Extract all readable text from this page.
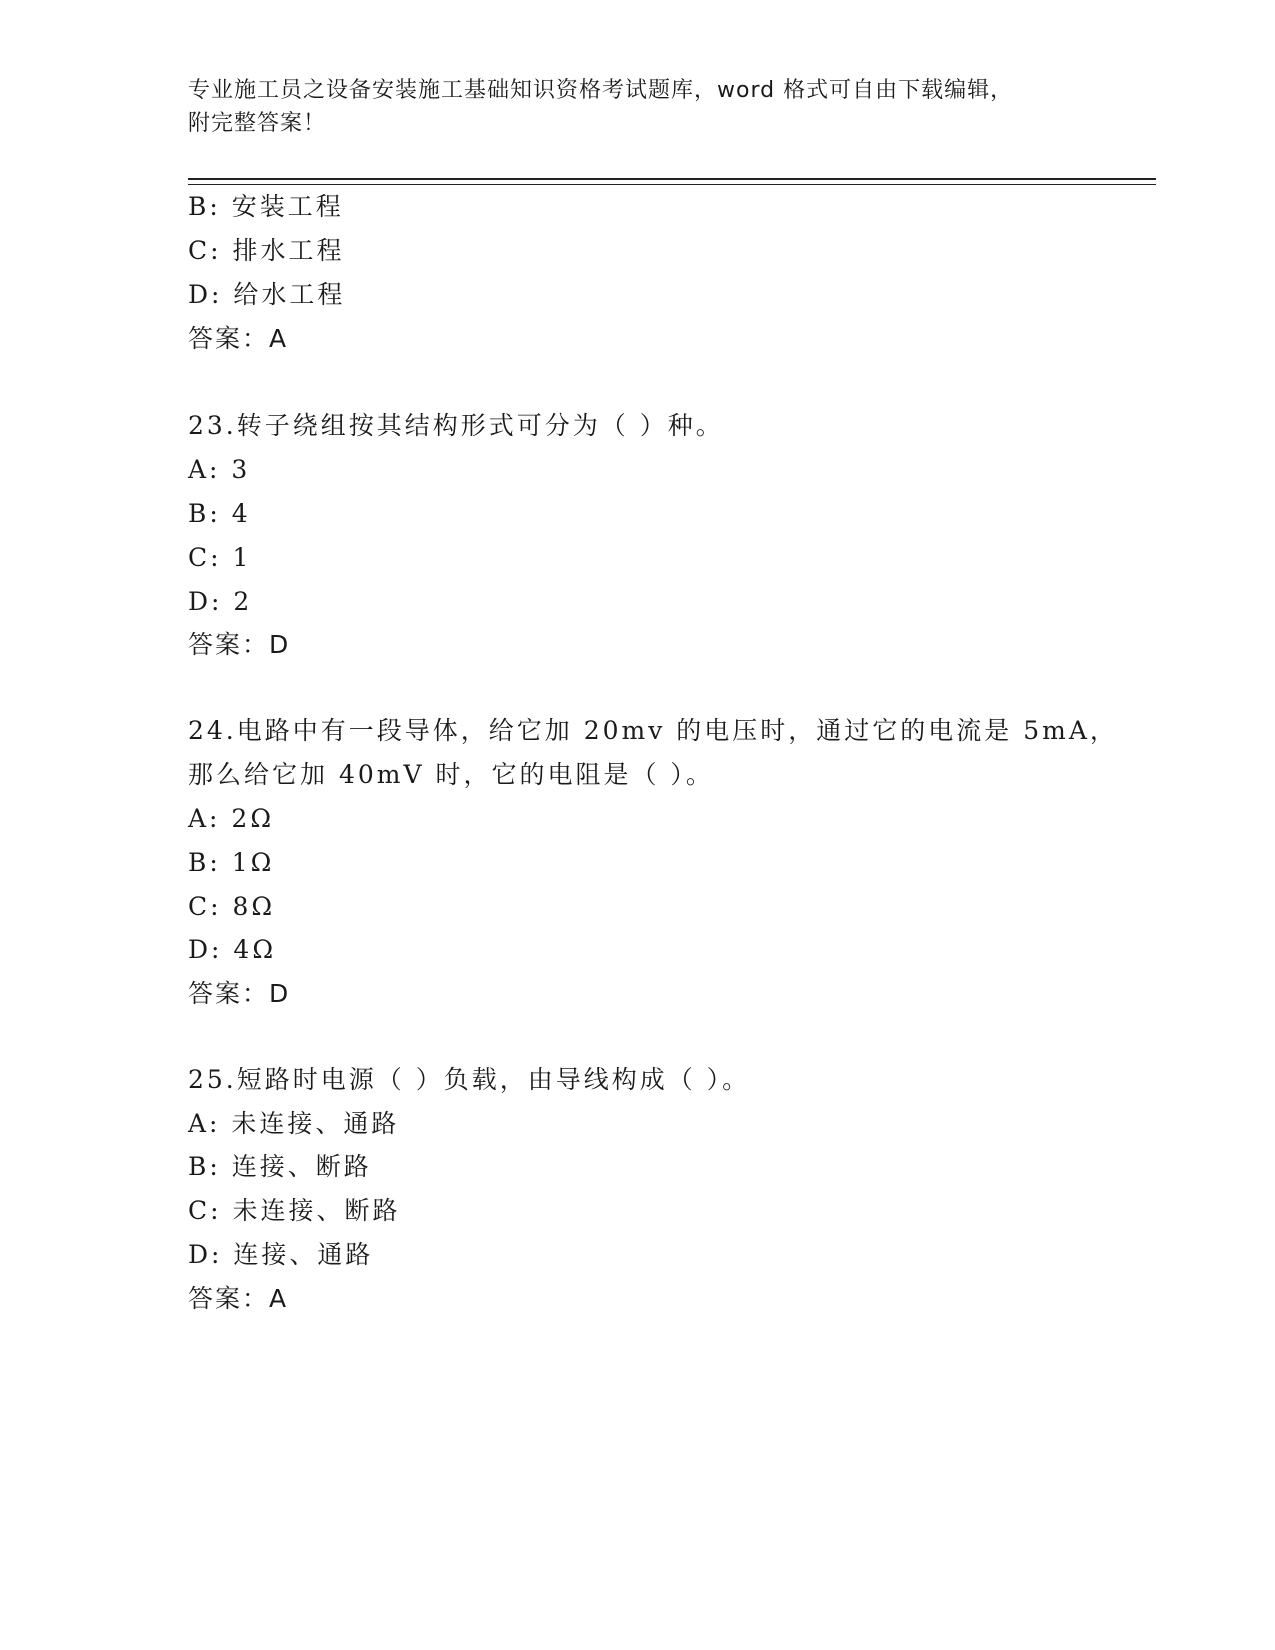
专业施工员之设备安装施工基础知识资格考试题库，word 格式可自由下载编辑，
附完整答案！
B: 安装工程
C: 排水工程
D: 给水工程
答案：A
23.转子绕组按其结构形式可分为（ ）种。
A: 3
B: 4
C: 1
D: 2
答案：D
24.电路中有一段导体，给它加 20mv 的电压时，通过它的电流是 5mA，
那么给它加 40mV 时，它的电阻是（ ）。
A: 2Ω
B: 1Ω
C: 8Ω
D: 4Ω
答案：D
25.短路时电源（ ）负载，由导线构成（ ）。
A: 未连接、通路
B: 连接、断路
C: 未连接、断路
D: 连接、通路
答案：A
